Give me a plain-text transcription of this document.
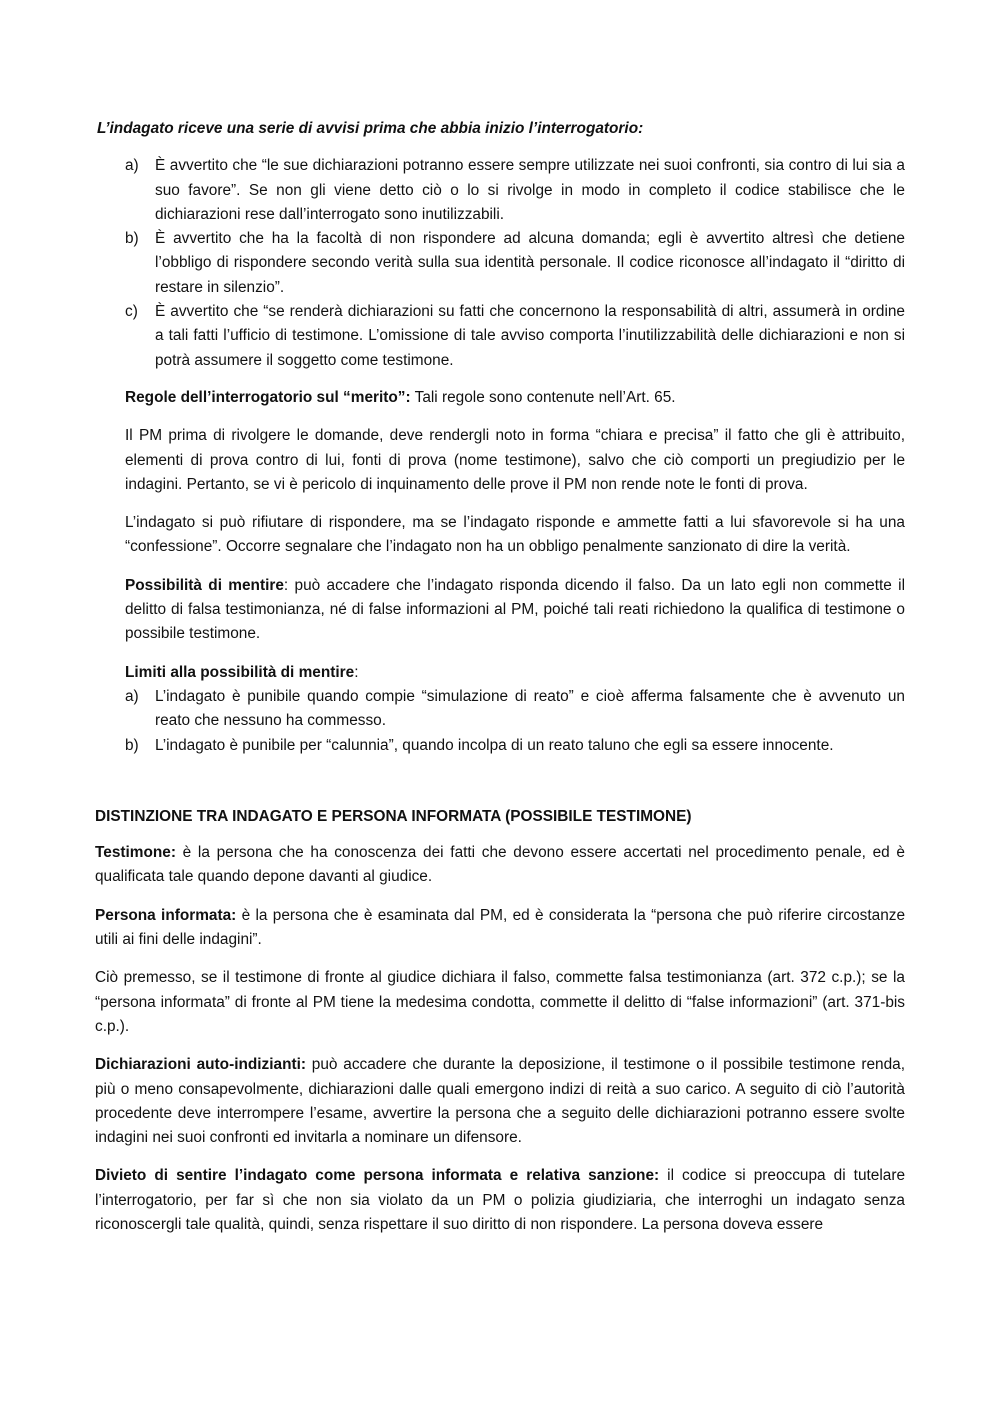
L’indagato riceve una serie di avvisi prima che abbia inizio l’interrogatorio:

a) È avvertito che “le sue dichiarazioni potranno essere sempre utilizzate nei suoi confronti, sia contro di lui sia a suo favore”. Se non gli viene detto ciò o lo si rivolge in modo in completo il codice stabilisce che le dichiarazioni rese dall’interrogato sono inutilizzabili.
b) È avvertito che ha la facoltà di non rispondere ad alcuna domanda; egli è avvertito altresì che detiene l’obbligo di rispondere secondo verità sulla sua identità personale. Il codice riconosce all’indagato il “diritto di restare in silenzio”.
c) È avvertito che “se renderà dichiarazioni su fatti che concernono la responsabilità di altri, assumerà in ordine a tali fatti l’ufficio di testimone. L’omissione di tale avviso comporta l’inutilizzabilità delle dichiarazioni e non si potrà assumere il soggetto come testimone.

Regole dell’interrogatorio sul “merito”: Tali regole sono contenute nell’Art. 65.

Il PM prima di rivolgere le domande, deve rendergli noto in forma “chiara e precisa” il fatto che gli è attribuito, elementi di prova contro di lui, fonti di prova (nome testimone), salvo che ciò comporti un pregiudizio per le indagini. Pertanto, se vi è pericolo di inquinamento delle prove il PM non rende note le fonti di prova.

L’indagato si può rifiutare di rispondere, ma se l’indagato risponde e ammette fatti a lui sfavorevole si ha una “confessione”. Occorre segnalare che l’indagato non ha un obbligo penalmente sanzionato di dire la verità.

Possibilità di mentire: può accadere che l’indagato risponda dicendo il falso. Da un lato egli non commette il delitto di falsa testimonianza, né di false informazioni al PM, poiché tali reati richiedono la qualifica di testimone o possibile testimone.

Limiti alla possibilità di mentire:

a) L’indagato è punibile quando compie “simulazione di reato” e cioè afferma falsamente che è avvenuto un reato che nessuno ha commesso.
b) L’indagato è punibile per “calunnia”, quando incolpa di un reato taluno che egli sa essere innocente.

DISTINZIONE TRA INDAGATO E PERSONA INFORMATA (POSSIBILE TESTIMONE)

Testimone: è la persona che ha conoscenza dei fatti che devono essere accertati nel procedimento penale, ed è qualificata tale quando depone davanti al giudice.

Persona informata: è la persona che è esaminata dal PM, ed è considerata la “persona che può riferire circostanze utili ai fini delle indagini”.

Ciò premesso, se il testimone di fronte al giudice dichiara il falso, commette falsa testimonianza (art. 372 c.p.); se la “persona informata” di fronte al PM tiene la medesima condotta, commette il delitto di “false informazioni” (art. 371-bis c.p.).

Dichiarazioni auto-indizianti: può accadere che durante la deposizione, il testimone o il possibile testimone renda, più o meno consapevolmente, dichiarazioni dalle quali emergono indizi di reità a suo carico. A seguito di ciò l’autorità procedente deve interrompere l’esame, avvertire la persona che a seguito delle dichiarazioni potranno essere svolte indagini nei suoi confronti ed invitarla a nominare un difensore.

Divieto di sentire l’indagato come persona informata e relativa sanzione: il codice si preoccupa di tutelare l’interrogatorio, per far sì che non sia violato da un PM o polizia giudiziaria, che interroghi un indagato senza riconoscergli tale qualità, quindi, senza rispettare il suo diritto di non rispondere. La persona doveva essere
